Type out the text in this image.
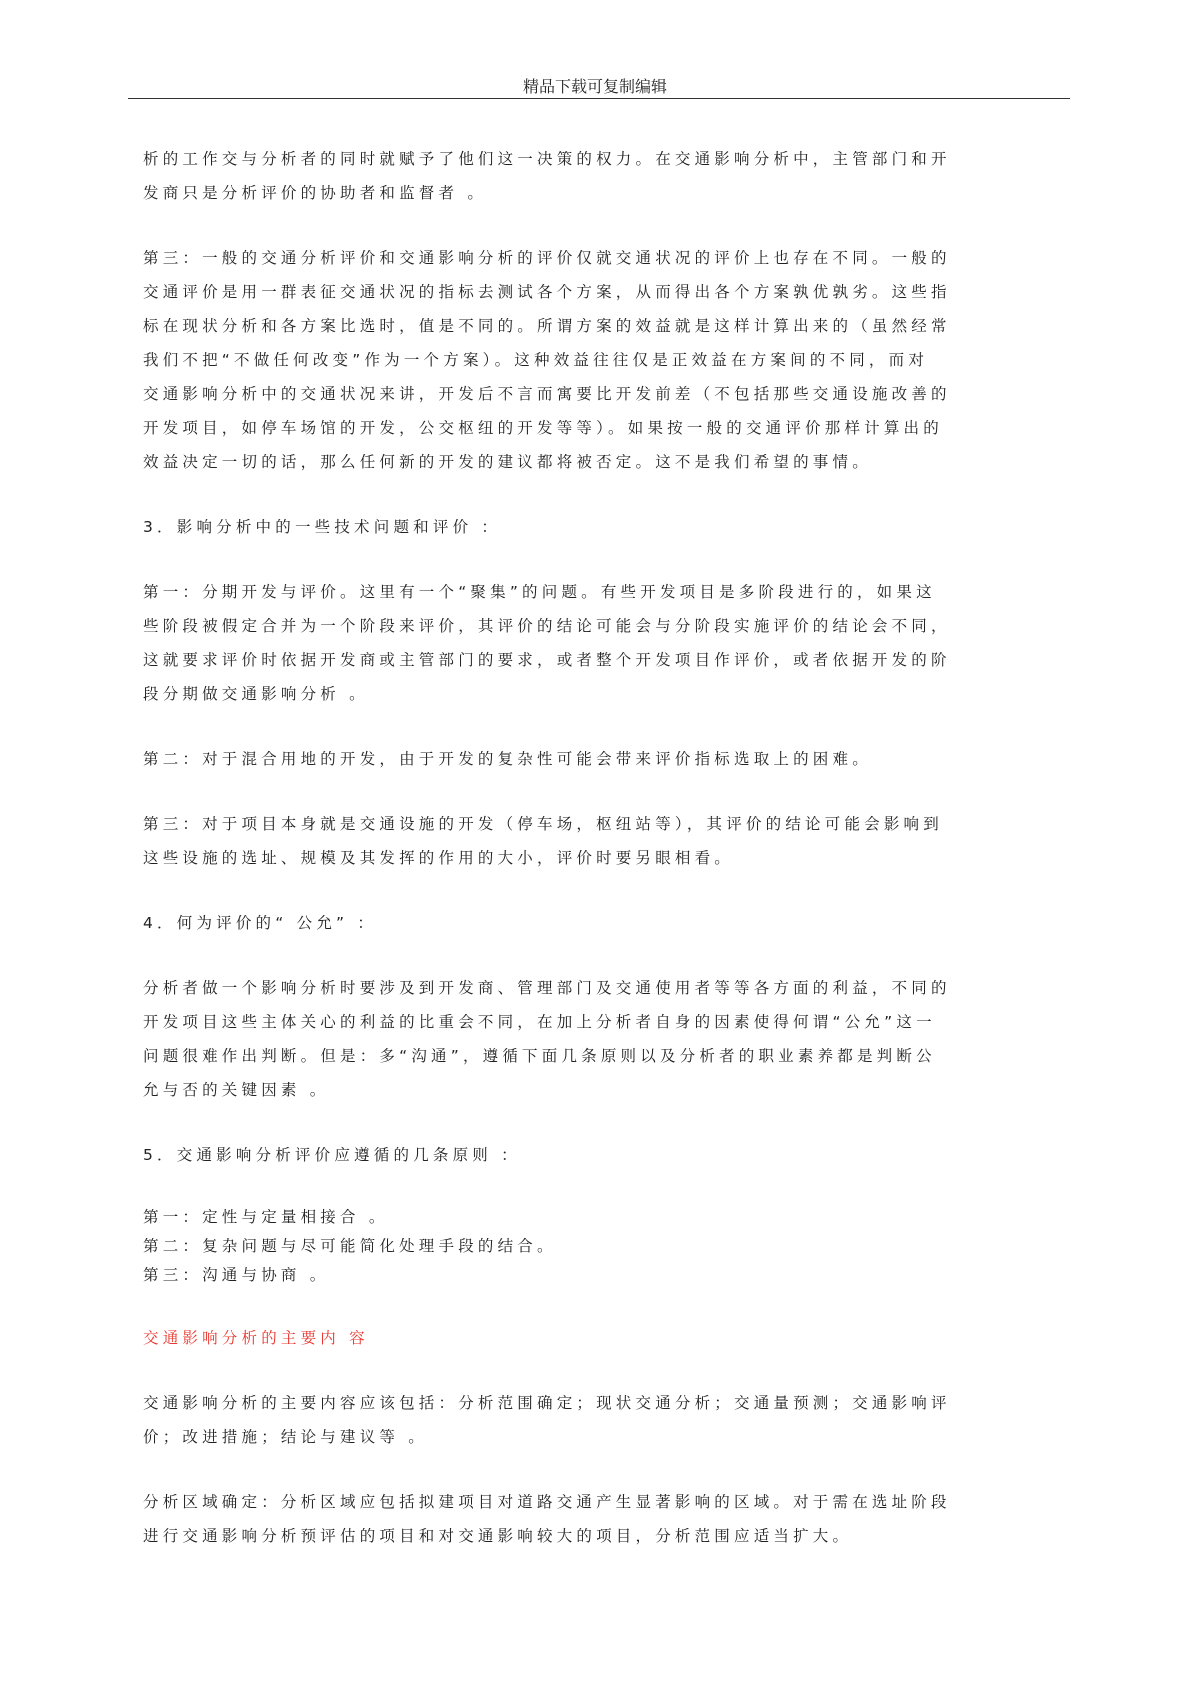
精品下载可复制编辑
析的工作交与分析者的同时就赋予了他们这一决策的权力。在交通影响分析中，主管部门和开
发商只是分析评价的协助者和监督者 。
第三：一般的交通分析评价和交通影响分析的评价仅就交通状况的评价上也存在不同。一般的
交通评价是用一群表征交通状况的指标去测试各个方案，从而得出各个方案孰优孰劣。这些指
标在现状分析和各方案比选时，值是不同的。所谓方案的效益就是这样计算出来的（虽然经常
我们不把“不做任何改变”作为一个方案）。这种效益往往仅是正效益在方案间的不同，而对
交通影响分析中的交通状况来讲，开发后不言而寓要比开发前差（不包括那些交通设施改善的
开发项目，如停车场馆的开发，公交枢纽的开发等等）。如果按一般的交通评价那样计算出的
效益决定一切的话，那么任何新的开发的建议都将被否定。这不是我们希望的事情。
3．影响分析中的一些技术问题和评价 ：
第一：分期开发与评价。这里有一个“聚集”的问题。有些开发项目是多阶段进行的，如果这
些阶段被假定合并为一个阶段来评价，其评价的结论可能会与分阶段实施评价的结论会不同，
这就要求评价时依据开发商或主管部门的要求，或者整个开发项目作评价，或者依据开发的阶
段分期做交通影响分析 。
第二：对于混合用地的开发，由于开发的复杂性可能会带来评价指标选取上的困难。
第三：对于项目本身就是交通设施的开发（停车场，枢纽站等），其评价的结论可能会影响到
这些设施的选址、规模及其发挥的作用的大小，评价时要另眼相看。
4．何为评价的“ 公允” ：
分析者做一个影响分析时要涉及到开发商、管理部门及交通使用者等等各方面的利益，不同的
开发项目这些主体关心的利益的比重会不同，在加上分析者自身的因素使得何谓“公允”这一
问题很难作出判断。但是：多“沟通”，遵循下面几条原则以及分析者的职业素养都是判断公
允与否的关键因素 。
5．交通影响分析评价应遵循的几条原则 ：
第一：定性与定量相接合 。
第二：复杂问题与尽可能简化处理手段的结合。
第三：沟通与协商 。
交通影响分析的主要内 容
交通影响分析的主要内容应该包括：分析范围确定；现状交通分析；交通量预测；交通影响评
价；改进措施；结论与建议等 。
分析区域确定：分析区域应包括拟建项目对道路交通产生显著影响的区域。对于需在选址阶段
进行交通影响分析预评估的项目和对交通影响较大的项目，分析范围应适当扩大。
